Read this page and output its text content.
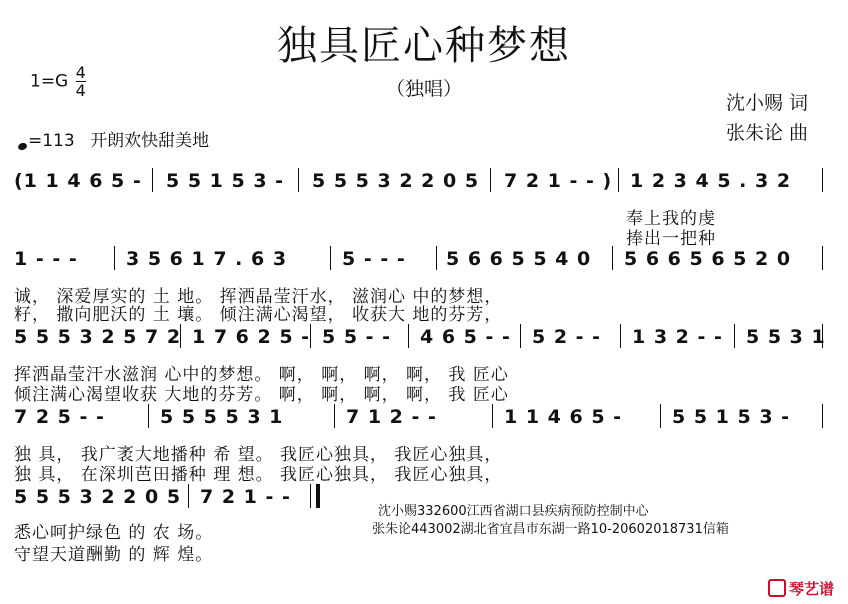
独具匠心种梦想
（独唱）
$1=G \frac{4}{4}$
沈小赐 词
张朱论 曲
=113 开朗欢快甜美地
(1 1 4 6 5 - 5 5 1 5 3 - 5 5 5 3 2 2 0 5 7 2 1 - - ) 1 2 3 4 5 . 3 2
奉上我的虔
捧出一把种
1 - - -	3 5 6 1 7 . 6 3	5 - - - 5 6 6 5 5 4 0 5 6 6 5 6 5 2 0
诚， 深爱厚实的 土 地。 挥洒晶莹汗水， 滋润心 中的梦想，
籽， 撒向肥沃的 土 壤。 倾注满心渴望， 收获大 地的芬芳，
5 5 5 3 2 5 7 2 1 7 6 2 5 - 5 5 - - 4 6 5 - - 5 2 - - 1 3 2 - - 5 5 3 1
挥洒晶莹汗水滋润 心中的梦想。 啊， 啊， 啊， 啊， 我 匠心
倾注满心渴望收获 大地的芬芳。 啊， 啊， 啊， 啊， 我 匠心
7 2 5 - -	5 5 5 5 3 1	7 1 2 - -	1 1 4 6 5 -	5 5 1 5 3 -
独 具， 我广袤大地播种 希 望。 我匠心独具， 我匠心独具，
独 具， 在深圳芭田播种 理 想。 我匠心独具， 我匠心独具，
5 5 5 3 2 2 0 5 7 2 1 - -
悉心呵护绿色 的 农 场。
守望天道酬勤 的 辉 煌。
沈小赐332600江西省湖口县疾病预防控制中心
张朱论443002湖北省宜昌市东湖一路10-20602018731信箱
琴艺谱
